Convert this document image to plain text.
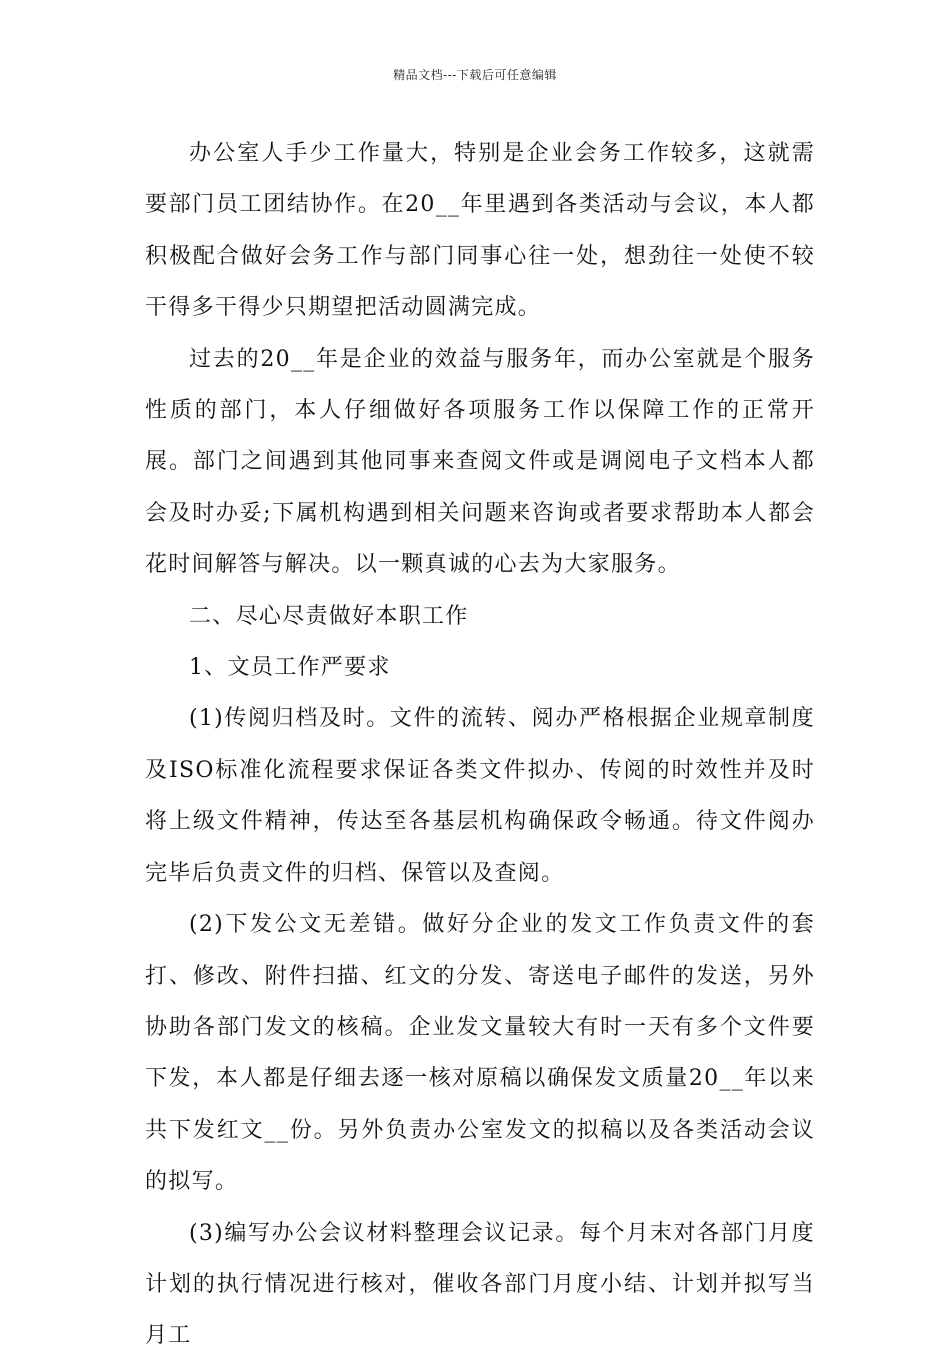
精品文档---下载后可任意编辑

办公室人手少工作量大，特别是企业会务工作较多，这就需要部门员工团结协作。在20__年里遇到各类活动与会议，本人都积极配合做好会务工作与部门同事心往一处，想劲往一处使不较干得多干得少只期望把活动圆满完成。

过去的20__年是企业的效益与服务年，而办公室就是个服务性质的部门，本人仔细做好各项服务工作以保障工作的正常开展。部门之间遇到其他同事来查阅文件或是调阅电子文档本人都会及时办妥;下属机构遇到相关问题来咨询或者要求帮助本人都会花时间解答与解决。以一颗真诚的心去为大家服务。

二、尽心尽责做好本职工作

1、文员工作严要求

(1)传阅归档及时。文件的流转、阅办严格根据企业规章制度及ISO标准化流程要求保证各类文件拟办、传阅的时效性并及时将上级文件精神，传达至各基层机构确保政令畅通。待文件阅办完毕后负责文件的归档、保管以及查阅。

(2)下发公文无差错。做好分企业的发文工作负责文件的套打、修改、附件扫描、红文的分发、寄送电子邮件的发送，另外协助各部门发文的核稿。企业发文量较大有时一天有多个文件要下发，本人都是仔细去逐一核对原稿以确保发文质量20__年以来共下发红文__份。另外负责办公室发文的拟稿以及各类活动会议的拟写。

(3)编写办公会议材料整理会议记录。每个月末对各部门月度计划的执行情况进行核对，催收各部门月度小结、计划并拟写当月工
